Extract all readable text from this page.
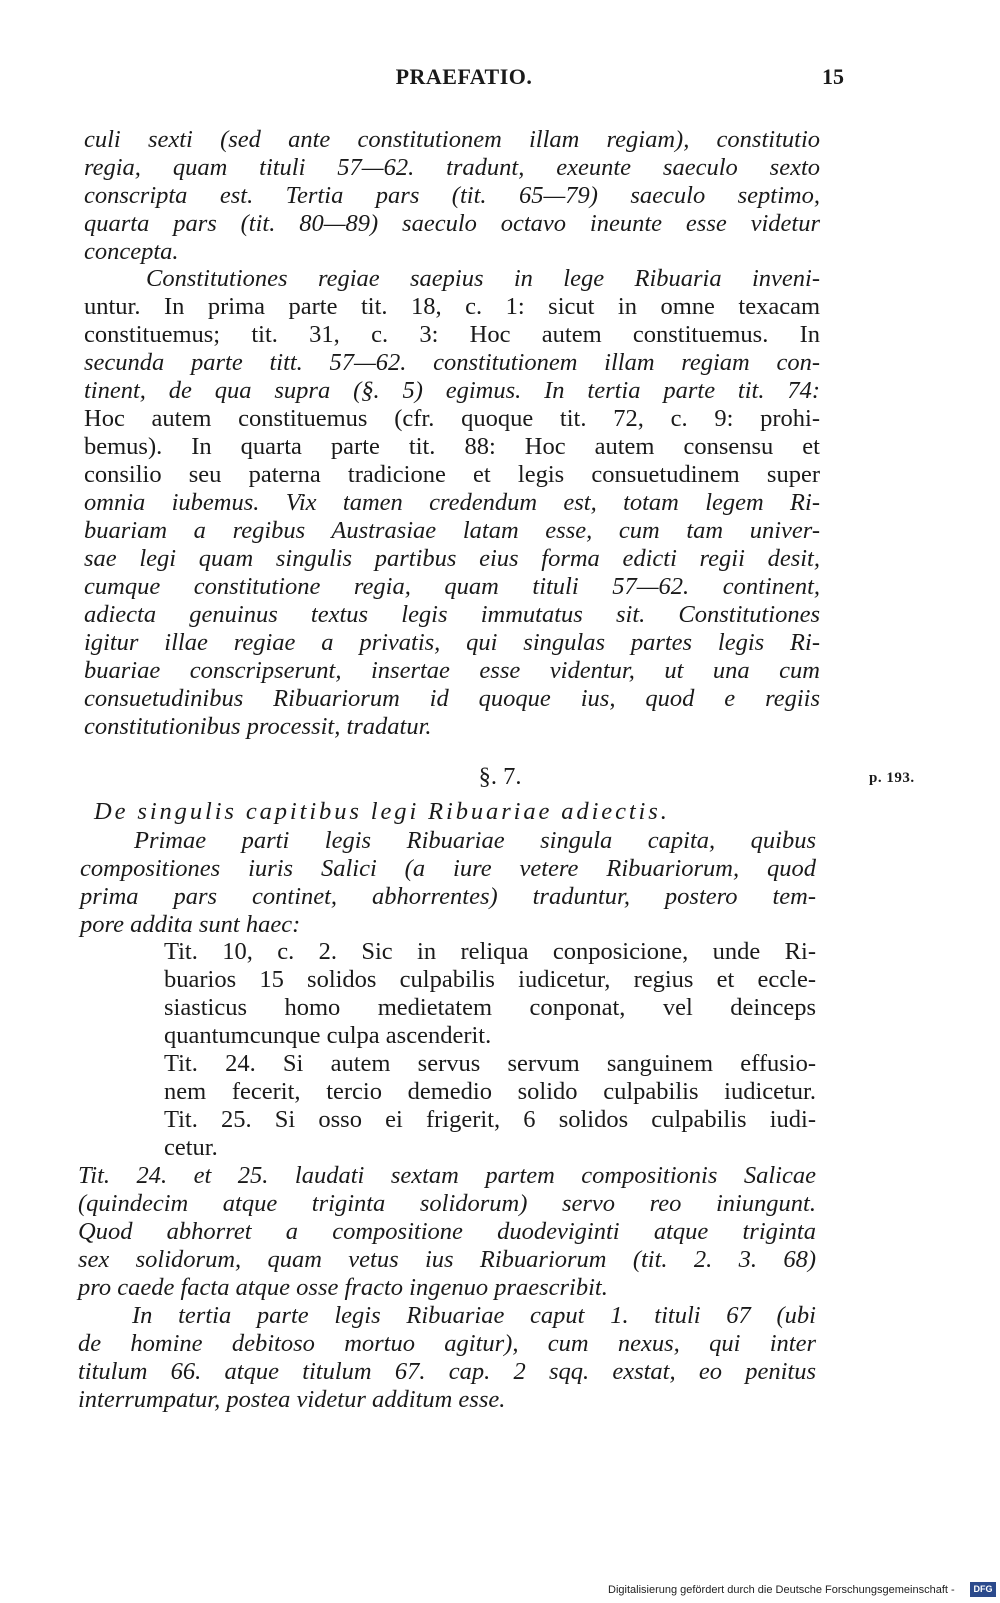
PRAEFATIO.	15
culi sexti (sed ante constitutionem illam regiam), constitutio
regia, quam tituli 57—62. tradunt, exeunte saeculo sexto
conscripta est. Tertia pars (tit. 65—79) saeculo septimo,
quarta pars (tit. 80—89) saeculo octavo ineunte esse videtur
concepta.
Constitutiones regiae saepius in lege Ribuaria inveni-
untur. In prima parte tit. 18, c. 1: sicut in omne texacam
constituemus; tit. 31, c. 3: Hoc autem constituemus. In
secunda parte titt. 57—62. constitutionem illam regiam con-
tinent, de qua supra (§. 5) egimus. In tertia parte tit. 74:
Hoc autem constituemus (cfr. quoque tit. 72, c. 9: prohi-
bemus). In quarta parte tit. 88: Hoc autem consensu et
consilio seu paterna tradicione et legis consuetudinem super
omnia iubemus. Vix tamen credendum est, totam legem Ri-
buariam a regibus Austrasiae latam esse, cum tam univer-
sae legi quam singulis partibus eius forma edicti regii desit,
cumque constitutione regia, quam tituli 57—62. continent,
adiecta genuinus textus legis immutatus sit. Constitutiones
igitur illae regiae a privatis, qui singulas partes legis Ri-
buariae conscripserunt, insertae esse videntur, ut una cum
consuetudinibus Ribuariorum id quoque ius, quod e regiis
constitutionibus processit, tradatur.
§. 7.	p. 193.
De singulis capitibus legi Ribuariae adiectis.
Primae parti legis Ribuariae singula capita, quibus
compositiones iuris Salici (a iure vetere Ribuariorum, quod
prima pars continet, abhorrentes) traduntur, postero tem-
pore addita sunt haec:
Tit. 10, c. 2. Sic in reliqua conposicione, unde Ri-
buarios 15 solidos culpabilis iudicetur, regius et eccle-
siasticus homo medietatem conponat, vel deinceps
quantumcunque culpa ascenderit.
Tit. 24. Si autem servus servum sanguinem effusio-
nem fecerit, tercio demedio solido culpabilis iudicetur.
Tit. 25. Si osso ei frigerit, 6 solidos culpabilis iudi-
cetur.
Tit. 24. et 25. laudati sextam partem compositionis Salicae
(quindecim atque triginta solidorum) servo reo iniungunt.
Quod abhorret a compositione duodeviginti atque triginta
sex solidorum, quam vetus ius Ribuariorum (tit. 2. 3. 68)
pro caede facta atque osse fracto ingenuo praescribit.
In tertia parte legis Ribuariae caput 1. tituli 67 (ubi
de homine debitoso mortuo agitur), cum nexus, qui inter
titulum 66. atque titulum 67. cap. 2 sqq. exstat, eo penitus
interrumpatur, postea videtur additum esse.
Digitalisierung gefördert durch die Deutsche Forschungsgemeinschaft -	DFG
